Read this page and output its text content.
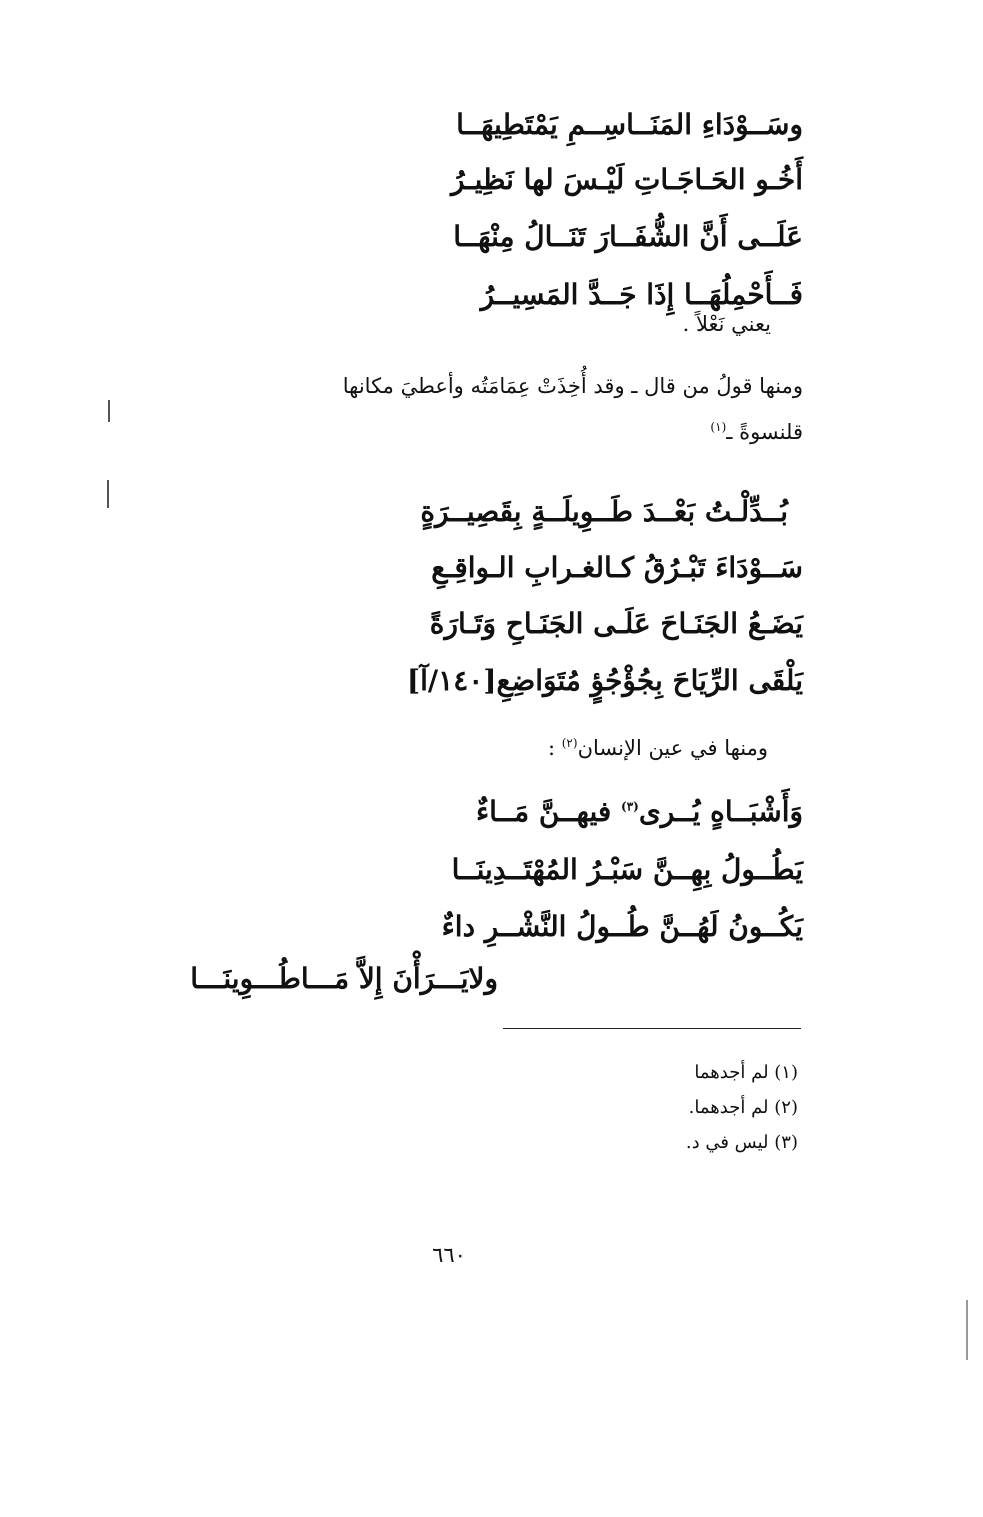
وسَــوْدَاءِ المَنَــاسِــمِ يَمْتَطِيهَــا

أَخُـو الحَـاجَـاتِ لَيْـسَ لها نَظِيـرُ

عَلَــى أَنَّ الشُّفَــارَ تَنَــالُ مِنْهَــا

فَــأَحْمِلُهَــا إِذَا جَــدَّ المَسِيــرُ

يعني نَعْلاً .

ومنها قولُ من قال ـ وقد أُخِذَتْ عِمَامَتُه وأعطيَ مكانها

قلنسوةً ـ$^{(١)}$

بُــدِّلْـتُ بَعْــدَ طَــوِيلَــةٍ بِقَصِيــرَةٍ

سَــوْدَاءَ تَبْـرُقُ كـالغـرابِ الـواقِـعِ

يَضَـعُ الجَنَـاحَ عَلَـى الجَنَـاحِ وَتَـارَةً

يَلْقَى الرِّيَاحَ بِجُؤْجُؤٍ مُتَوَاضِعِ[١٤٠/آ]

ومنها في عين الإنسان$^{(٢)}$ :

وَأَشْبَــاهٍ يُــرى$^{(٣)}$ فيهــنَّ مَــاءٌ

يَطُــولُ بِهِــنَّ سَبْـرُ المُهْتَــدِينَــا

يَكُــونُ لَهُــنَّ طُــولُ النَّشْــرِ داءٌ

ولايَـــرَأْنَ إِلاَّ مَـــاطُـــوِينَـــا

(١) لم أجدهما

(٢) لم أجدهما.

(٣) ليس في د.

٦٦٠
